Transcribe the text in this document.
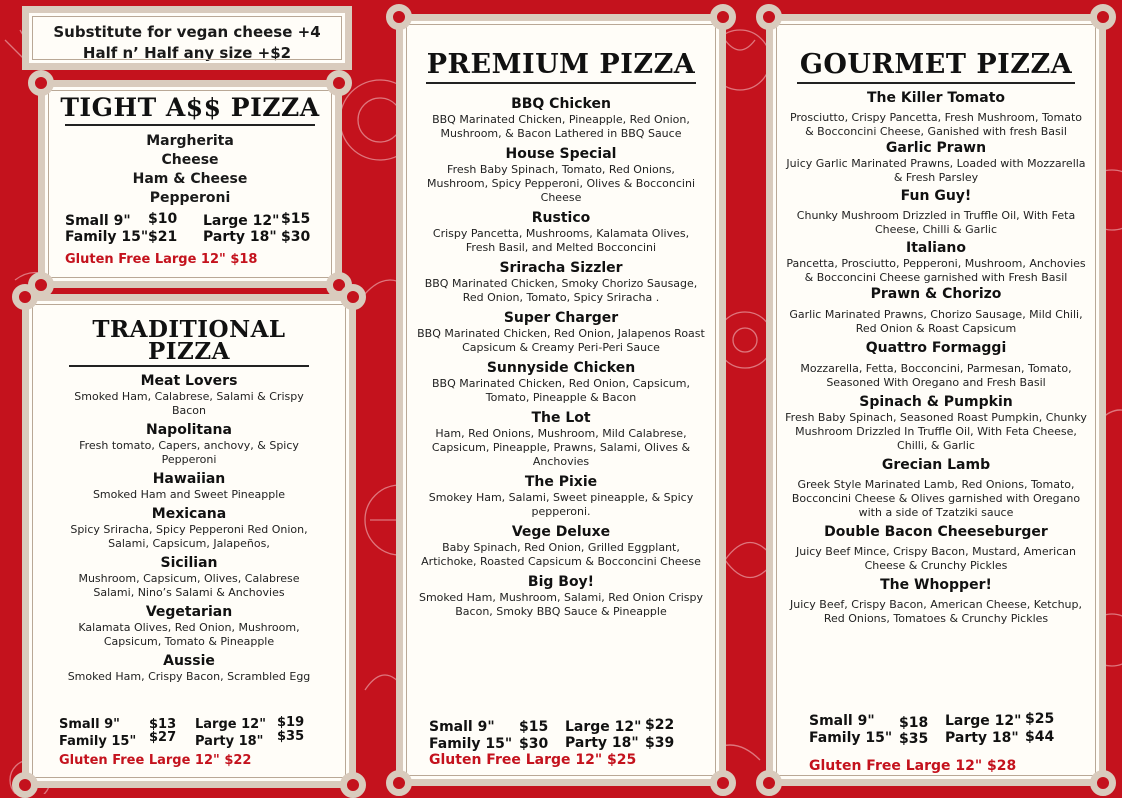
Substitute for vegan cheese +4
Half n’ Half any size +$2
TIGHT A$$ PIZZA
Margherita
Cheese
Ham & Cheese
Pepperoni
Small 9" $10 Large 12" $15
Family 15" $21 Party 18" $30
Gluten Free Large 12" $18
TRADITIONAL
PIZZA
Meat Lovers
Smoked Ham, Calabrese, Salami & Crispy Bacon
Napolitana
Fresh tomato, Capers, anchovy, & Spicy Pepperoni
Hawaiian
Smoked Ham and Sweet Pineapple
Mexicana
Spicy Sriracha, Spicy Pepperoni Red Onion, Salami, Capsicum, Jalapeños,
Sicilian
Mushroom, Capsicum, Olives, Calabrese Salami, Nino’s Salami & Anchovies
Vegetarian
Kalamata Olives, Red Onion, Mushroom, Capsicum, Tomato & Pineapple
Aussie
Smoked Ham, Crispy Bacon, Scrambled Egg
Small 9" $13 Large 12" $19
Family 15" $27 Party 18" $35
Gluten Free Large 12" $22
PREMIUM PIZZA
BBQ Chicken
BBQ Marinated Chicken, Pineapple, Red Onion, Mushroom, & Bacon Lathered in BBQ Sauce
House Special
Fresh Baby Spinach, Tomato, Red Onions, Mushroom, Spicy Pepperoni, Olives & Bocconcini Cheese
Rustico
Crispy Pancetta, Mushrooms, Kalamata Olives, Fresh Basil, and Melted Bocconcini
Sriracha Sizzler
BBQ Marinated Chicken, Smoky Chorizo Sausage, Red Onion, Tomato, Spicy Sriracha .
Super Charger
BBQ Marinated Chicken, Red Onion, Jalapenos Roast Capsicum & Creamy Peri-Peri Sauce
Sunnyside Chicken
BBQ Marinated Chicken, Red Onion, Capsicum, Tomato, Pineapple & Bacon
The Lot
Ham, Red Onions, Mushroom, Mild Calabrese, Capsicum, Pineapple, Prawns, Salami, Olives & Anchovies
The Pixie
Smokey Ham, Salami, Sweet pineapple, & Spicy pepperoni.
Vege Deluxe
Baby Spinach, Red Onion, Grilled Eggplant, Artichoke, Roasted Capsicum & Bocconcini Cheese
Big Boy!
Smoked Ham, Mushroom, Salami, Red Onion Crispy Bacon, Smoky BBQ Sauce & Pineapple
Small 9" $15 Large 12" $22
Family 15" $30 Party 18" $39
Gluten Free Large 12" $25
GOURMET PIZZA
The Killer Tomato
Prosciutto, Crispy Pancetta, Fresh Mushroom, Tomato & Bocconcini Cheese, Ganished with fresh Basil
Garlic Prawn
Juicy Garlic Marinated Prawns, Loaded with Mozzarella & Fresh Parsley
Fun Guy!
Chunky Mushroom Drizzled in Truffle Oil, With Feta Cheese, Chilli & Garlic
Italiano
Pancetta, Prosciutto, Pepperoni, Mushroom, Anchovies & Bocconcini Cheese garnished with Fresh Basil
Prawn & Chorizo
Garlic Marinated Prawns, Chorizo Sausage, Mild Chili, Red Onion & Roast Capsicum
Quattro Formaggi
Mozzarella, Fetta, Bocconcini, Parmesan, Tomato, Seasoned With Oregano and Fresh Basil
Spinach & Pumpkin
Fresh Baby Spinach, Seasoned Roast Pumpkin, Chunky Mushroom Drizzled In Truffle Oil, With Feta Cheese, Chilli, & Garlic
Grecian Lamb
Greek Style Marinated Lamb, Red Onions, Tomato, Bocconcini Cheese & Olives garnished with Oregano with a side of Tzatziki sauce
Double Bacon Cheeseburger
Juicy Beef Mince, Crispy Bacon, Mustard, American Cheese & Crunchy Pickles
The Whopper!
Juicy Beef, Crispy Bacon, American Cheese, Ketchup, Red Onions, Tomatoes & Crunchy Pickles
Small 9" $18 Large 12" $25
Family 15" $35 Party 18" $44
Gluten Free Large 12" $28
